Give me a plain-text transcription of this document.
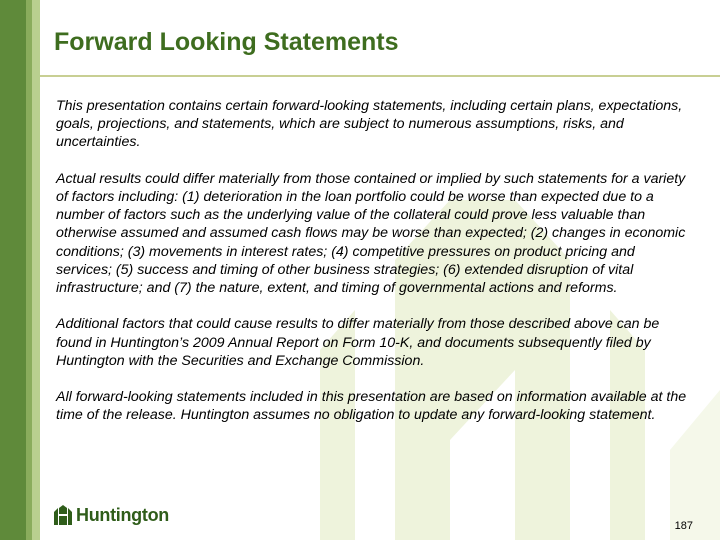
Forward Looking Statements

This presentation contains certain forward-looking statements, including certain plans, expectations, goals, projections, and statements, which are subject to numerous assumptions, risks, and uncertainties.

Actual results could differ materially from those contained or implied by such statements for a variety of factors including: (1) deterioration in the loan portfolio could be worse than expected due to a number of factors such as the underlying value of the collateral could prove less valuable than otherwise assumed and assumed cash flows may be worse than expected; (2) changes in economic conditions; (3) movements in interest rates; (4) competitive pressures on product pricing and services; (5) success and timing of other business strategies; (6) extended disruption of vital infrastructure; and (7) the nature, extent, and timing of governmental actions and reforms.

Additional factors that could cause results to differ materially from those described above can be found in Huntington’s 2009 Annual Report on Form 10-K, and documents subsequently filed by Huntington with the Securities and Exchange Commission.

All forward-looking statements included in this presentation are based on information available at the time of the release. Huntington assumes no obligation to update any forward-looking statement.

Huntington
187
